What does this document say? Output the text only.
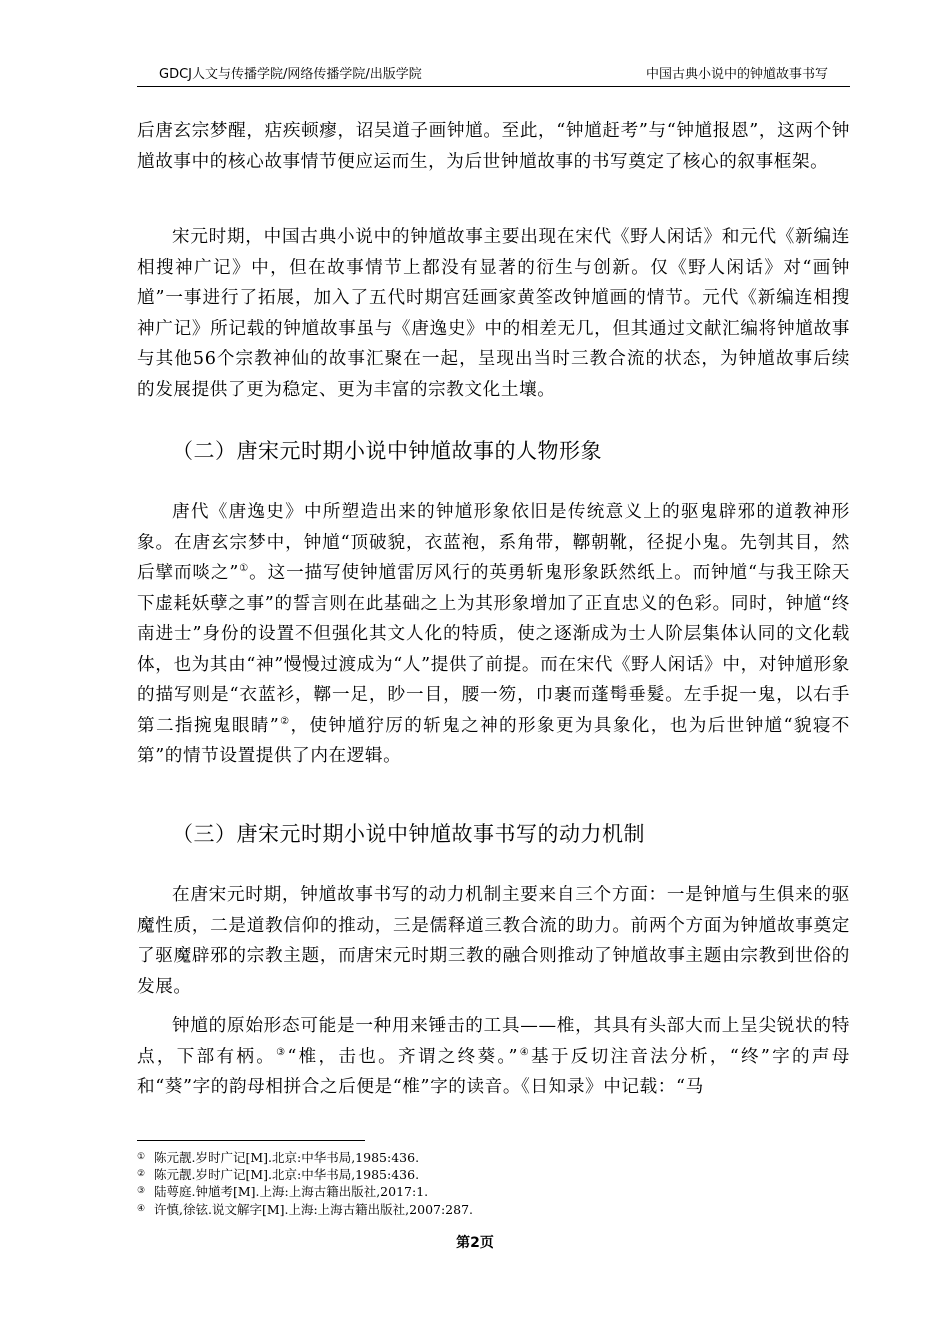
GDCJ人文与传播学院/网络传播学院/出版学院	中国古典小说中的钟馗故事书写

后唐玄宗梦醒，痁疾顿瘳，诏吴道子画钟馗。至此，“钟馗赶考”与“钟馗报恩”，这两个钟馗故事中的核心故事情节便应运而生，为后世钟馗故事的书写奠定了核心的叙事框架。

宋元时期，中国古典小说中的钟馗故事主要出现在宋代《野人闲话》和元代《新编连相搜神广记》中，但在故事情节上都没有显著的衍生与创新。仅《野人闲话》对“画钟馗”一事进行了拓展，加入了五代时期宫廷画家黄筌改钟馗画的情节。元代《新编连相搜神广记》所记载的钟馗故事虽与《唐逸史》中的相差无几，但其通过文献汇编将钟馗故事与其他56个宗教神仙的故事汇聚在一起，呈现出当时三教合流的状态，为钟馗故事后续的发展提供了更为稳定、更为丰富的宗教文化土壤。

（二）唐宋元时期小说中钟馗故事的人物形象

唐代《唐逸史》中所塑造出来的钟馗形象依旧是传统意义上的驱鬼辟邪的道教神形象。在唐玄宗梦中，钟馗“顶破貌，衣蓝袍，系角带，鞹朝靴，径捉小鬼。先刳其目，然后擘而啖之”①。这一描写使钟馗雷厉风行的英勇斩鬼形象跃然纸上。而钟馗“与我王除天下虚耗妖孽之事”的誓言则在此基础之上为其形象增加了正直忠义的色彩。同时，钟馗“终南进士”身份的设置不但强化其文人化的特质，使之逐渐成为士人阶层集体认同的文化载体，也为其由“神”慢慢过渡成为“人”提供了前提。而在宋代《野人闲话》中，对钟馗形象的描写则是“衣蓝衫，鞹一足，眇一目，腰一笏，巾裹而蓬髩垂髮。左手捉一鬼，以右手第二指捥鬼眼睛”②，使钟馗狞厉的斩鬼之神的形象更为具象化，也为后世钟馗“貌寝不第”的情节设置提供了内在逻辑。

（三）唐宋元时期小说中钟馗故事书写的动力机制

在唐宋元时期，钟馗故事书写的动力机制主要来自三个方面：一是钟馗与生俱来的驱魔性质，二是道教信仰的推动，三是儒释道三教合流的助力。前两个方面为钟馗故事奠定了驱魔辟邪的宗教主题，而唐宋元时期三教的融合则推动了钟馗故事主题由宗教到世俗的发展。

钟馗的原始形态可能是一种用来锤击的工具——椎，其具有头部大而上呈尖锐状的特点，下部有柄。③“椎，击也。齐谓之终葵。”④基于反切注音法分析，“终”字的声母和“葵”字的韵母相拼合之后便是“椎”字的读音。《日知录》中记载：“马

① 陈元靓.岁时广记[M].北京:中华书局,1985:436.
② 陈元靓.岁时广记[M].北京:中华书局,1985:436.
③ 陆萼庭.钟馗考[M].上海:上海古籍出版社,2017:1.
④ 许慎,徐铉.说文解字[M].上海:上海古籍出版社,2007:287.
第2页
